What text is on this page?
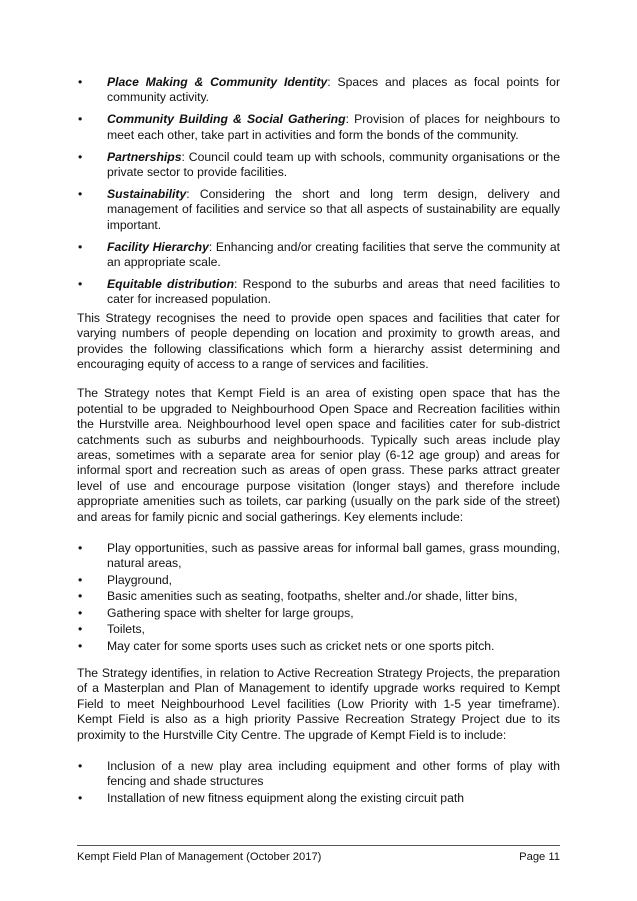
• Place Making & Community Identity: Spaces and places as focal points for community activity.
• Community Building & Social Gathering: Provision of places for neighbours to meet each other, take part in activities and form the bonds of the community.
• Partnerships: Council could team up with schools, community organisations or the private sector to provide facilities.
• Sustainability: Considering the short and long term design, delivery and management of facilities and service so that all aspects of sustainability are equally important.
• Facility Hierarchy: Enhancing and/or creating facilities that serve the community at an appropriate scale.
• Equitable distribution: Respond to the suburbs and areas that need facilities to cater for increased population.

This Strategy recognises the need to provide open spaces and facilities that cater for varying numbers of people depending on location and proximity to growth areas, and provides the following classifications which form a hierarchy assist determining and encouraging equity of access to a range of services and facilities.

The Strategy notes that Kempt Field is an area of existing open space that has the potential to be upgraded to Neighbourhood Open Space and Recreation facilities within the Hurstville area. Neighbourhood level open space and facilities cater for sub-district catchments such as suburbs and neighbourhoods. Typically such areas include play areas, sometimes with a separate area for senior play (6-12 age group) and areas for informal sport and recreation such as areas of open grass. These parks attract greater level of use and encourage purpose visitation (longer stays) and therefore include appropriate amenities such as toilets, car parking (usually on the park side of the street) and areas for family picnic and social gatherings. Key elements include:

• Play opportunities, such as passive areas for informal ball games, grass mounding, natural areas,
• Playground,
• Basic amenities such as seating, footpaths, shelter and./or shade, litter bins,
• Gathering space with shelter for large groups,
• Toilets,
• May cater for some sports uses such as cricket nets or one sports pitch.

The Strategy identifies, in relation to Active Recreation Strategy Projects, the preparation of a Masterplan and Plan of Management to identify upgrade works required to Kempt Field to meet Neighbourhood Level facilities (Low Priority with 1-5 year timeframe). Kempt Field is also as a high priority Passive Recreation Strategy Project due to its proximity to the Hurstville City Centre. The upgrade of Kempt Field is to include:

• Inclusion of a new play area including equipment and other forms of play with fencing and shade structures
• Installation of new fitness equipment along the existing circuit path
Kempt Field Plan of Management (October 2017)	Page 11
